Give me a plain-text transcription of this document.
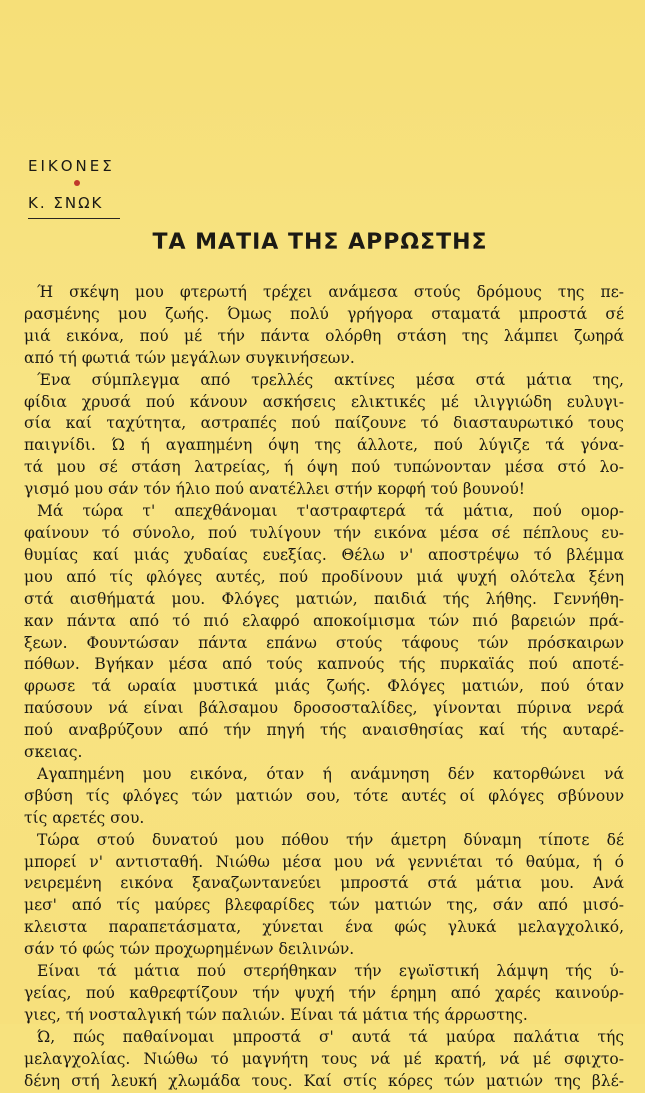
ΕΙΚΟΝΕΣ
Κ. ΣΝΩΚ
ΤΑ ΜΑΤΙΑ ΤΗΣ ΑΡΡΩΣΤΗΣ
Ή σκέψη μου φτερωτή τρέχει ανάμεσα στούς δρόμους της πε-
ρασμένης μου ζωής. Όμως πολύ γρήγορα σταματά μπροστά σέ
μιά εικόνα, πού μέ τήν πάντα ολόρθη στάση της λάμπει ζωηρά
από τή φωτιά τών μεγάλων συγκινήσεων.
Ένα σύμπλεγμα από τρελλές ακτίνες μέσα στά μάτια της,
φίδια χρυσά πού κάνουν ασκήσεις ελικτικές μέ ιλιγγιώδη ευλυγι-
σία καί ταχύτητα, αστραπές πού παίζουνε τό διασταυρωτικό τους
παιγνίδι. Ώ ή αγαπημένη όψη της άλλοτε, πού λύγιζε τά γόνα-
τά μου σέ στάση λατρείας, ή όψη πού τυπώνονταν μέσα στό λο-
γισμό μου σάν τόν ήλιο πού ανατέλλει στήν κορφή τού βουνού!
Μά τώρα τ' απεχθάνομαι τ'αστραφτερά τά μάτια, πού ομορ-
φαίνουν τό σύνολο, πού τυλίγουν τήν εικόνα μέσα σέ πέπλους ευ-
θυμίας καί μιάς χυδαίας ευεξίας. Θέλω ν' αποστρέψω τό βλέμμα
μου από τίς φλόγες αυτές, πού προδίνουν μιά ψυχή ολότελα ξένη
στά αισθήματά μου. Φλόγες ματιών, παιδιά τής λήθης. Γεννήθη-
καν πάντα από τό πιό ελαφρό αποκοίμισμα τών πιό βαρειών πρά-
ξεων. Φουντώσαν πάντα επάνω στούς τάφους τών πρόσκαιρων
πόθων. Βγήκαν μέσα από τούς καπνούς τής πυρκαϊάς πού αποτέ-
φρωσε τά ωραία μυστικά μιάς ζωής. Φλόγες ματιών, πού όταν
παύσουν νά είναι βάλσαμου δροσοσταλίδες, γίνονται πύρινα νερά
πού αναβρύζουν από τήν πηγή τής αναισθησίας καί τής αυταρέ-
σκειας.
Αγαπημένη μου εικόνα, όταν ή ανάμνηση δέν κατορθώνει νά
σβύση τίς φλόγες τών ματιών σου, τότε αυτές οί φλόγες σβύνουν
τίς αρετές σου.
Τώρα στού δυνατού μου πόθου τήν άμετρη δύναμη τίποτε δέ
μπορεί ν' αντισταθή. Νιώθω μέσα μου νά γεννιέται τό θαύμα, ή ό
νειρεμένη εικόνα ξαναζωντανεύει μπροστά στά μάτια μου. Ανά
μεσ' από τίς μαύρες βλεφαρίδες τών ματιών της, σάν από μισό-
κλειστα παραπετάσματα, χύνεται ένα φώς γλυκά μελαγχολικό,
σάν τό φώς τών προχωρημένων δειλινών.
Είναι τά μάτια πού στερήθηκαν τήν εγωϊστική λάμψη τής ύ-
γείας, πού καθρεφτίζουν τήν ψυχή τήν έρημη από χαρές καινούρ-
γιες, τή νοσταλγική τών παλιών. Είναι τά μάτια τής άρρωστης.
Ώ, πώς παθαίνομαι μπροστά σ' αυτά τά μαύρα παλάτια τής
μελαγχολίας. Νιώθω τό μαγνήτη τους νά μέ κρατή, νά μέ σφιχτο-
δένη στή λευκή χλωμάδα τους. Καί στίς κόρες τών ματιών της βλέ-
